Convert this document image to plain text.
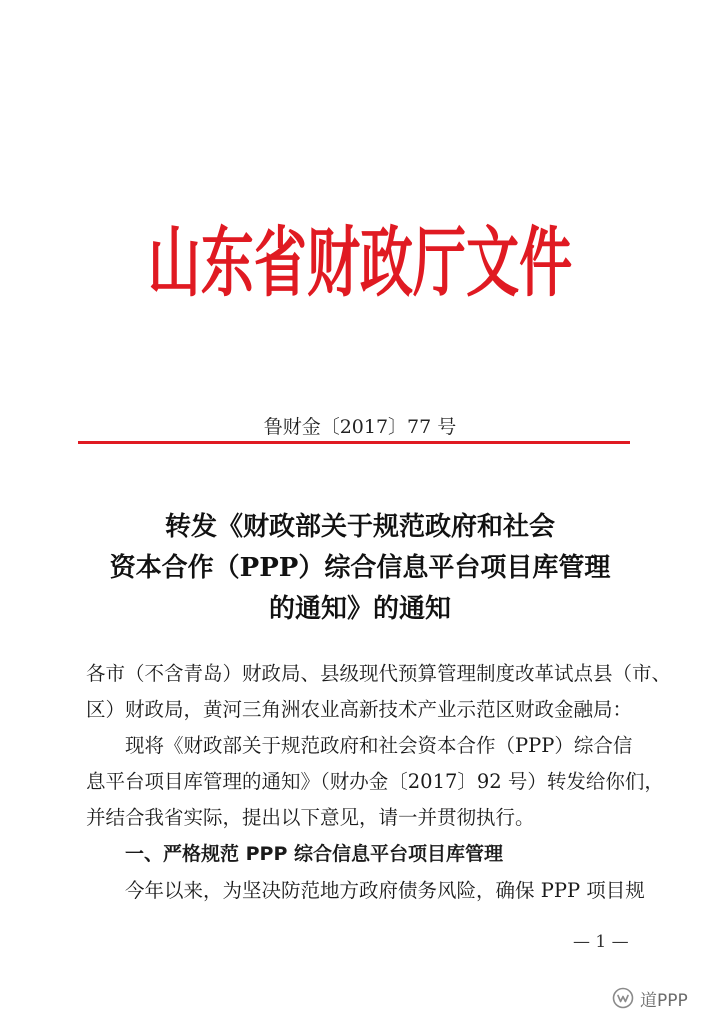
山东省财政厅文件
鲁财金〔2017〕77 号
转发《财政部关于规范政府和社会
资本合作（PPP）综合信息平台项目库管理
的通知》的通知
各市（不含青岛）财政局、县级现代预算管理制度改革试点县（市、
区）财政局，黄河三角洲农业高新技术产业示范区财政金融局：
现将《财政部关于规范政府和社会资本合作（PPP）综合信
息平台项目库管理的通知》（财办金〔2017〕92 号）转发给你们，
并结合我省实际，提出以下意见，请一并贯彻执行。
一、严格规范 PPP 综合信息平台项目库管理
今年以来，为坚决防范地方政府债务风险，确保 PPP 项目规
— 1 —
道PPP
